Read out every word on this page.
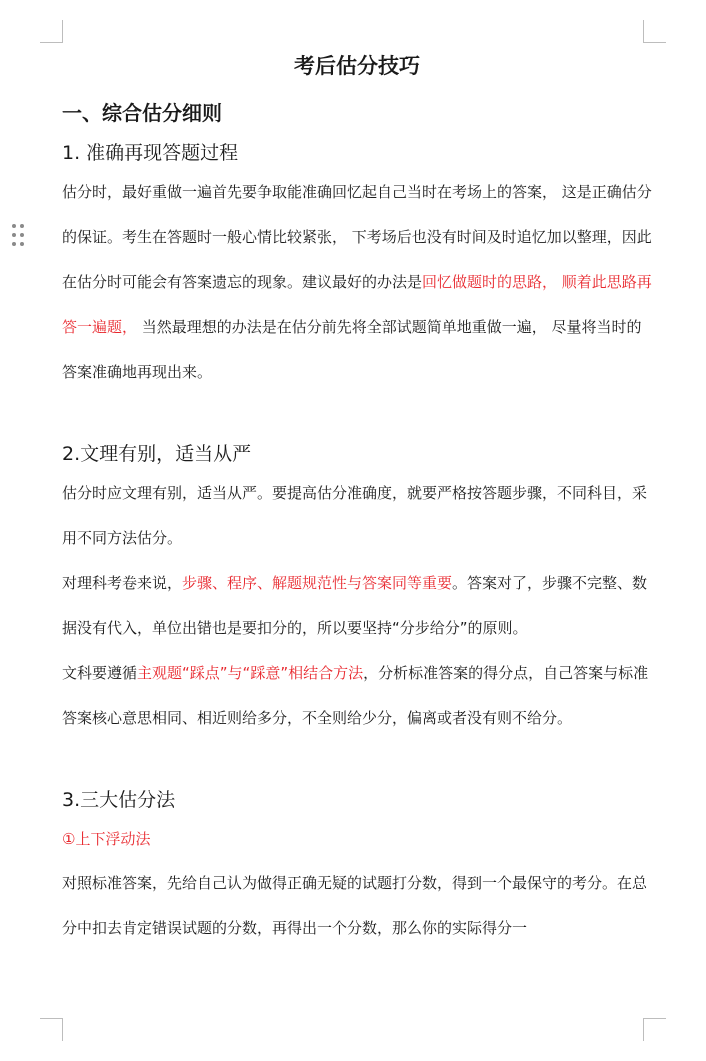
考后估分技巧
一、综合估分细则
1. 准确再现答题过程

估分时，最好重做一遍首先要争取能准确回忆起自己当时在考场上的答案， 这是正确估分的保证。考生在答题时一般心情比较紧张， 下考场后也没有时间及时追忆加以整理，因此在估分时可能会有答案遗忘的现象。建议最好的办法是回忆做题时的思路， 顺着此思路再答一遍题， 当然最理想的办法是在估分前先将全部试题简单地重做一遍， 尽量将当时的答案准确地再现出来。

2.文理有别，适当从严

估分时应文理有别，适当从严。要提高估分准确度，就要严格按答题步骤，不同科目，采用不同方法估分。

对理科考卷来说，步骤、程序、解题规范性与答案同等重要。答案对了，步骤不完整、数据没有代入，单位出错也是要扣分的，所以要坚持“分步给分”的原则。

文科要遵循主观题“踩点”与“踩意”相结合方法，分析标准答案的得分点，自己答案与标准答案核心意思相同、相近则给多分，不全则给少分，偏离或者没有则不给分。

3.三大估分法
①上下浮动法

对照标准答案，先给自己认为做得正确无疑的试题打分数，得到一个最保守的考分。在总分中扣去肯定错误试题的分数，再得出一个分数，那么你的实际得分一
